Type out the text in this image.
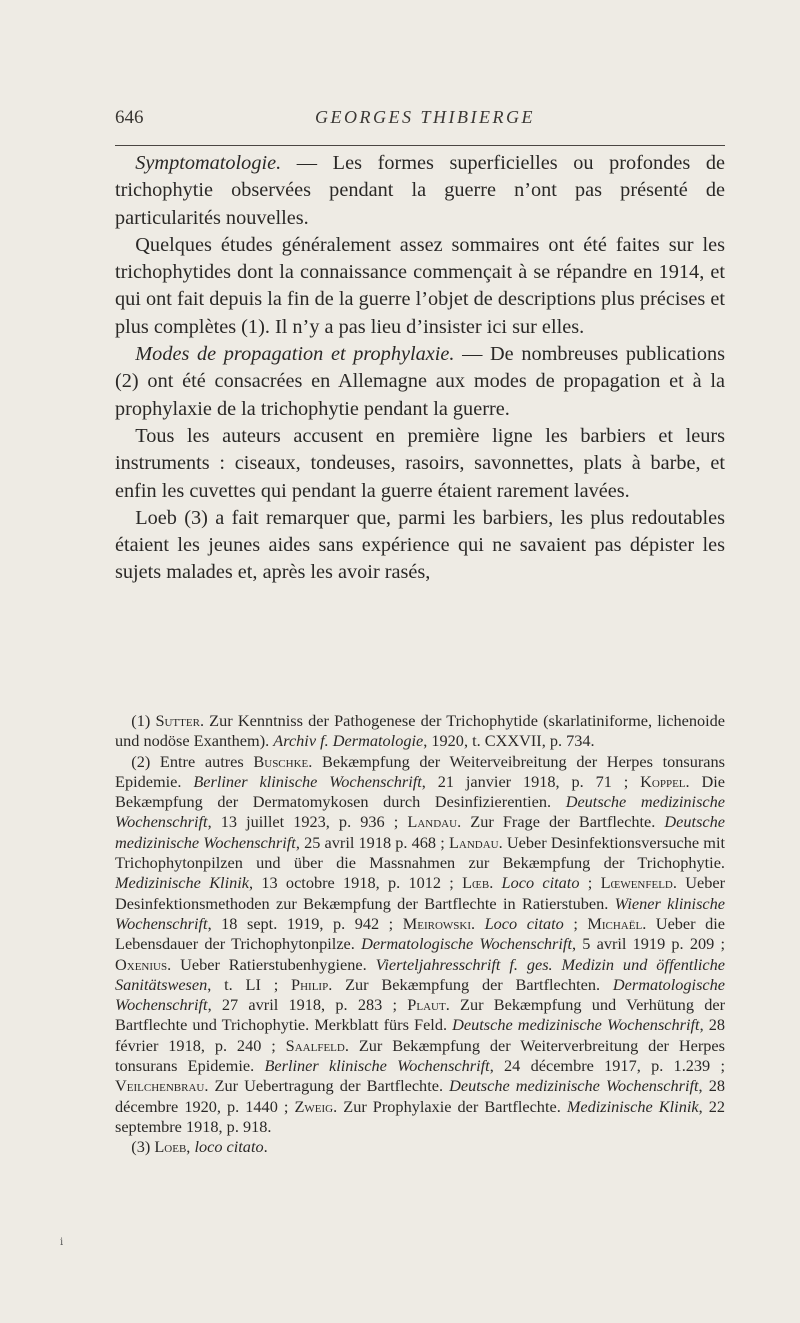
646	GEORGES THIBIERGE

 Symptomatologie. — Les formes superficielles ou profondes de trichophytie observées pendant la guerre n’ont pas présenté de particularités nouvelles.

 Quelques études généralement assez sommaires ont été faites sur les trichophytides dont la connaissance commençait à se répandre en 1914, et qui ont fait depuis la fin de la guerre l’objet de descriptions plus précises et plus complètes (1). Il n’y a pas lieu d’insister ici sur elles.

 Modes de propagation et prophylaxie. — De nombreuses publications (2) ont été consacrées en Allemagne aux modes de propagation et à la prophylaxie de la trichophytie pendant la guerre.

 Tous les auteurs accusent en première ligne les barbiers et leurs instruments : ciseaux, tondeuses, rasoirs, savonnettes, plats à barbe, et enfin les cuvettes qui pendant la guerre étaient rarement lavées.

 Loeb (3) a fait remarquer que, parmi les barbiers, les plus redoutables étaient les jeunes aides sans expérience qui ne savaient pas dépister les sujets malades et, après les avoir rasés,

 (1) Sutter. Zur Kenntniss der Pathogenese der Trichophytide (skarlatiniforme, lichenoide und nodöse Exanthem). Archiv f. Dermatologie, 1920, t. CXXVII, p. 734.

 (2) Entre autres Buschke. Bekæmpfung der Weiterveibreitung der Herpes tonsurans Epidemie. Berliner klinische Wochenschrift, 21 janvier 1918, p. 71 ; Koppel. Die Bekæmpfung der Dermatomykosen durch Desinfizierentien. Deutsche medizinische Wochenschrift, 13 juillet 1923, p. 936 ; Landau. Zur Frage der Bartflechte. Deutsche medizinische Wochenschrift, 25 avril 1918 p. 468 ; Landau. Ueber Desinfektionsversuche mit Trichophytonpilzen und über die Massnahmen zur Bekæmpfung der Trichophytie. Medizinische Klinik, 13 octobre 1918, p. 1012 ; Lœb. Loco citato ; Lœwenfeld. Ueber Desinfektionsmethoden zur Bekæmpfung der Bartflechte in Ratierstuben. Wiener klinische Wochenschrift, 18 sept. 1919, p. 942 ; Meirowski. Loco citato ; Michaël. Ueber die Lebensdauer der Trichophytonpilze. Dermatologische Wochenschrift, 5 avril 1919 p. 209 ; Oxenius. Ueber Ratierstubenhygiene. Vierteljahresschrift f. ges. Medizin und öffentliche Sanitätswesen, t. LI ; Philip. Zur Bekæmpfung der Bartflechten. Dermatologische Wochenschrift, 27 avril 1918, p. 283 ; Plaut. Zur Bekæmpfung und Verhütung der Bartflechte und Trichophytie. Merkblatt fürs Feld. Deutsche medizinische Wochenschrift, 28 février 1918, p. 240 ; Saalfeld. Zur Bekæmpfung der Weiterverbreitung der Herpes tonsurans Epidemie. Berliner klinische Wochenschrift, 24 décembre 1917, p. 1.239 ; Veilchenbrau. Zur Uebertragung der Bartflechte. Deutsche medizinische Wochenschrift, 28 décembre 1920, p. 1440 ; Zweig. Zur Prophylaxie der Bartflechte. Medizinische Klinik, 22 septembre 1918, p. 918.

 (3) Loeb, loco citato.

i
